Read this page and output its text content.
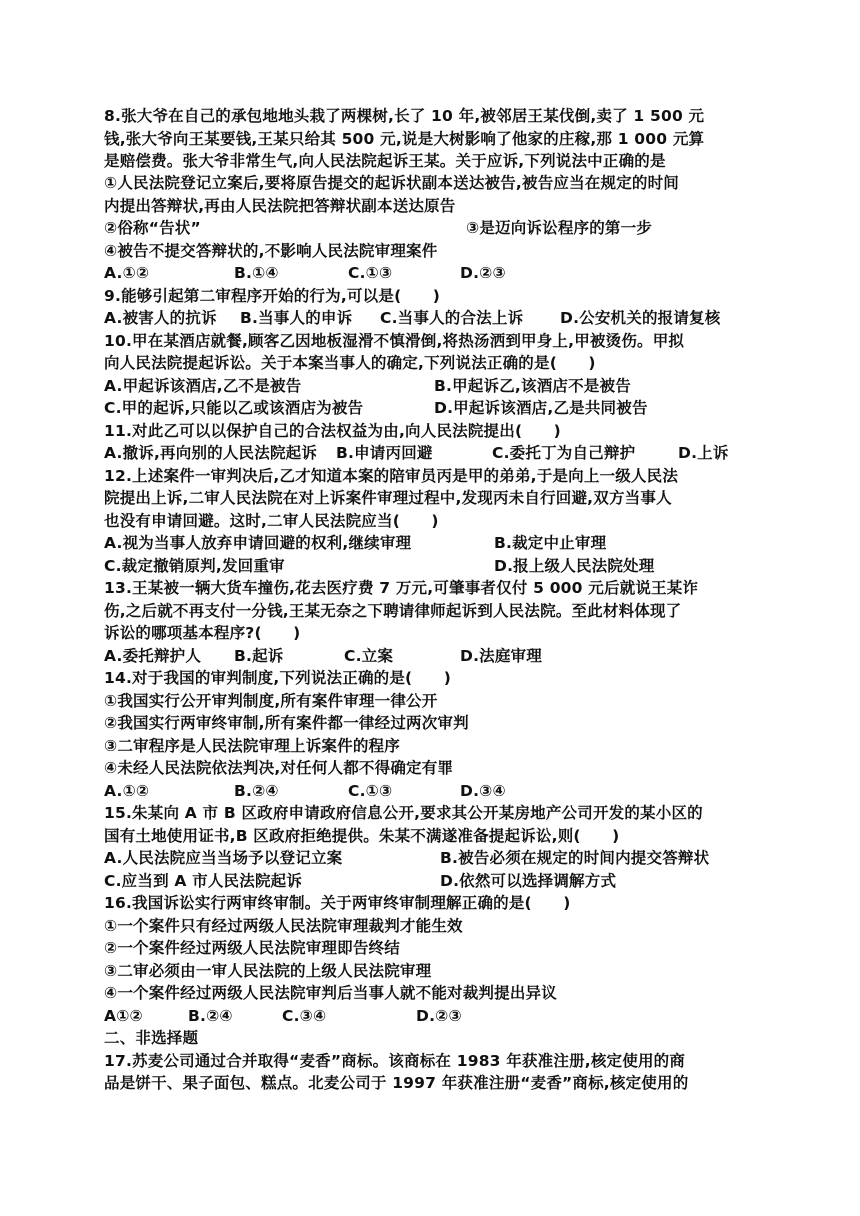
8.张大爷在自己的承包地地头栽了两棵树,长了 10 年,被邻居王某伐倒,卖了 1 500 元
钱,张大爷向王某要钱,王某只给其 500 元,说是大树影响了他家的庄稼,那 1 000 元算
是赔偿费。张大爷非常生气,向人民法院起诉王某。关于应诉,下列说法中正确的是
①人民法院登记立案后,要将原告提交的起诉状副本送达被告,被告应当在规定的时间
内提出答辩状,再由人民法院把答辩状副本送达原告
②俗称“告状”	③是迈向诉讼程序的第一步
④被告不提交答辩状的,不影响人民法院审理案件
A.①②	B.①④	C.①③	D.②③
9.能够引起第二审程序开始的行为,可以是(　　)
A.被害人的抗诉 B.当事人的申诉 C.当事人的合法上诉 D.公安机关的报请复核
10.甲在某酒店就餐,顾客乙因地板湿滑不慎滑倒,将热汤洒到甲身上,甲被烫伤。甲拟
向人民法院提起诉讼。关于本案当事人的确定,下列说法正确的是(　　)
A.甲起诉该酒店,乙不是被告	B.甲起诉乙,该酒店不是被告
C.甲的起诉,只能以乙或该酒店为被告	D.甲起诉该酒店,乙是共同被告
11.对此乙可以以保护自己的合法权益为由,向人民法院提出(　　)
A.撤诉,再向别的人民法院起诉 B.申请丙回避	C.委托丁为自己辩护	D.上诉
12.上述案件一审判决后,乙才知道本案的陪审员丙是甲的弟弟,于是向上一级人民法
院提出上诉,二审人民法院在对上诉案件审理过程中,发现丙未自行回避,双方当事人
也没有申请回避。这时,二审人民法院应当(　　)
A.视为当事人放弃申请回避的权利,继续审理	B.裁定中止审理
C.裁定撤销原判,发回重审	D.报上级人民法院处理
13.王某被一辆大货车撞伤,花去医疗费 7 万元,可肇事者仅付 5 000 元后就说王某诈
伤,之后就不再支付一分钱,王某无奈之下聘请律师起诉到人民法院。至此材料体现了
诉讼的哪项基本程序?(　　)
A.委托辩护人 B.起诉	C.立案	D.法庭审理
14.对于我国的审判制度,下列说法正确的是(　　)
①我国实行公开审判制度,所有案件审理一律公开
②我国实行两审终审制,所有案件都一律经过两次审判
③二审程序是人民法院审理上诉案件的程序
④未经人民法院依法判决,对任何人都不得确定有罪
A.①②	B.②④	C.①③	D.③④
15.朱某向 A 市 B 区政府申请政府信息公开,要求其公开某房地产公司开发的某小区的
国有土地使用证书,B 区政府拒绝提供。朱某不满遂准备提起诉讼,则(　　)
A.人民法院应当当场予以登记立案	B.被告必须在规定的时间内提交答辩状
C.应当到 A 市人民法院起诉	D.依然可以选择调解方式
16.我国诉讼实行两审终审制。关于两审终审制理解正确的是(　　)
①一个案件只有经过两级人民法院审理裁判才能生效
②一个案件经过两级人民法院审理即告终结
③二审必须由一审人民法院的上级人民法院审理
④一个案件经过两级人民法院审判后当事人就不能对裁判提出异议
A①②	B.②④	C.③④	D.②③
二、非选择题
17.苏麦公司通过合并取得“麦香”商标。该商标在 1983 年获准注册,核定使用的商
品是饼干、果子面包、糕点。北麦公司于 1997 年获准注册“麦香”商标,核定使用的
